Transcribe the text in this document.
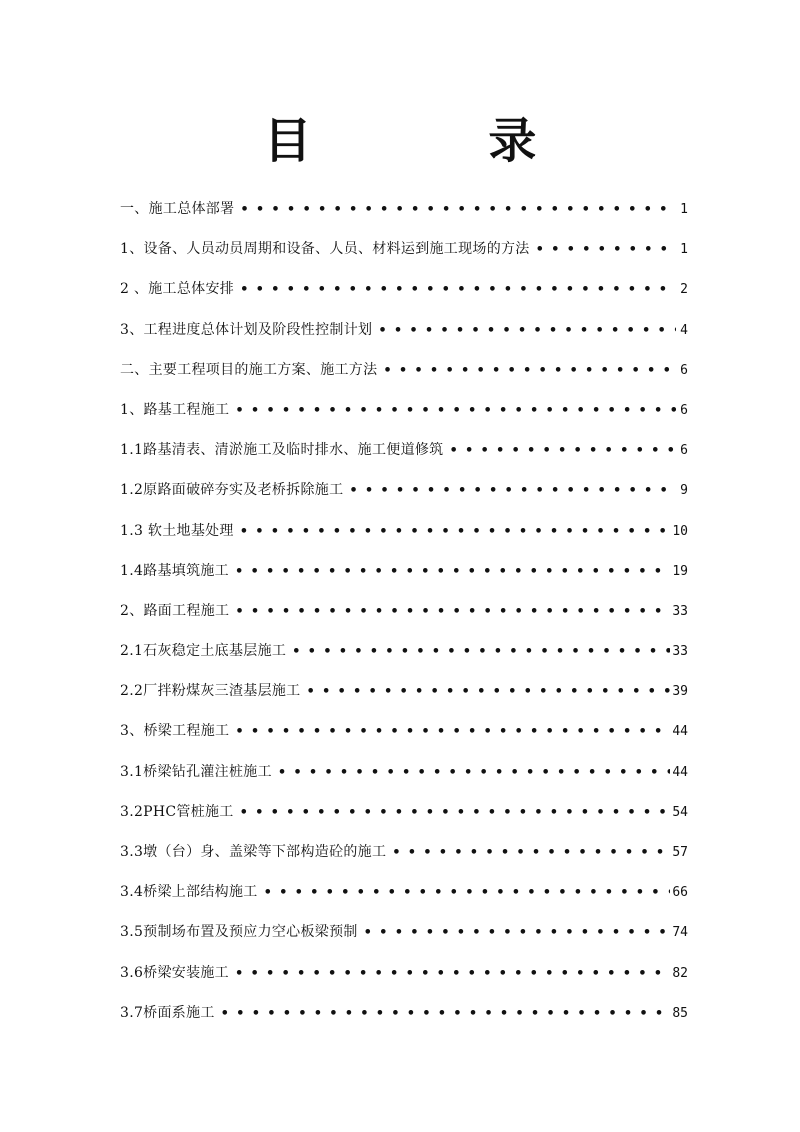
目 录
一、施工总体部署 •••••	1
1、设备、人员动员周期和设备、人员、材料运到施工现场的方法 •••••	1
2 、施工总体安排 •••••	2
3、工程进度总体计划及阶段性控制计划 •••••	4
二、主要工程项目的施工方案、施工方法 •••••	6
1、路基工程施工 •••••	6
1.1路基清表、清淤施工及临时排水、施工便道修筑 •••••	6
1.2原路面破碎夯实及老桥拆除施工 •••••	9
1.3 软土地基处理 •••••	10
1.4路基填筑施工 •••••	19
2、路面工程施工 •••••	33
2.1石灰稳定土底基层施工 •••••	33
2.2厂拌粉煤灰三渣基层施工 •••••	39
3、桥梁工程施工 •••••	44
3.1桥梁钻孔灌注桩施工 •••••	44
3.2PHC管桩施工 •••••	54
3.3墩（台）身、盖梁等下部构造砼的施工 •••••	57
3.4桥梁上部结构施工 •••••	66
3.5预制场布置及预应力空心板梁预制 •••••	74
3.6桥梁安装施工 •••••	82
3.7桥面系施工 •••••	85
